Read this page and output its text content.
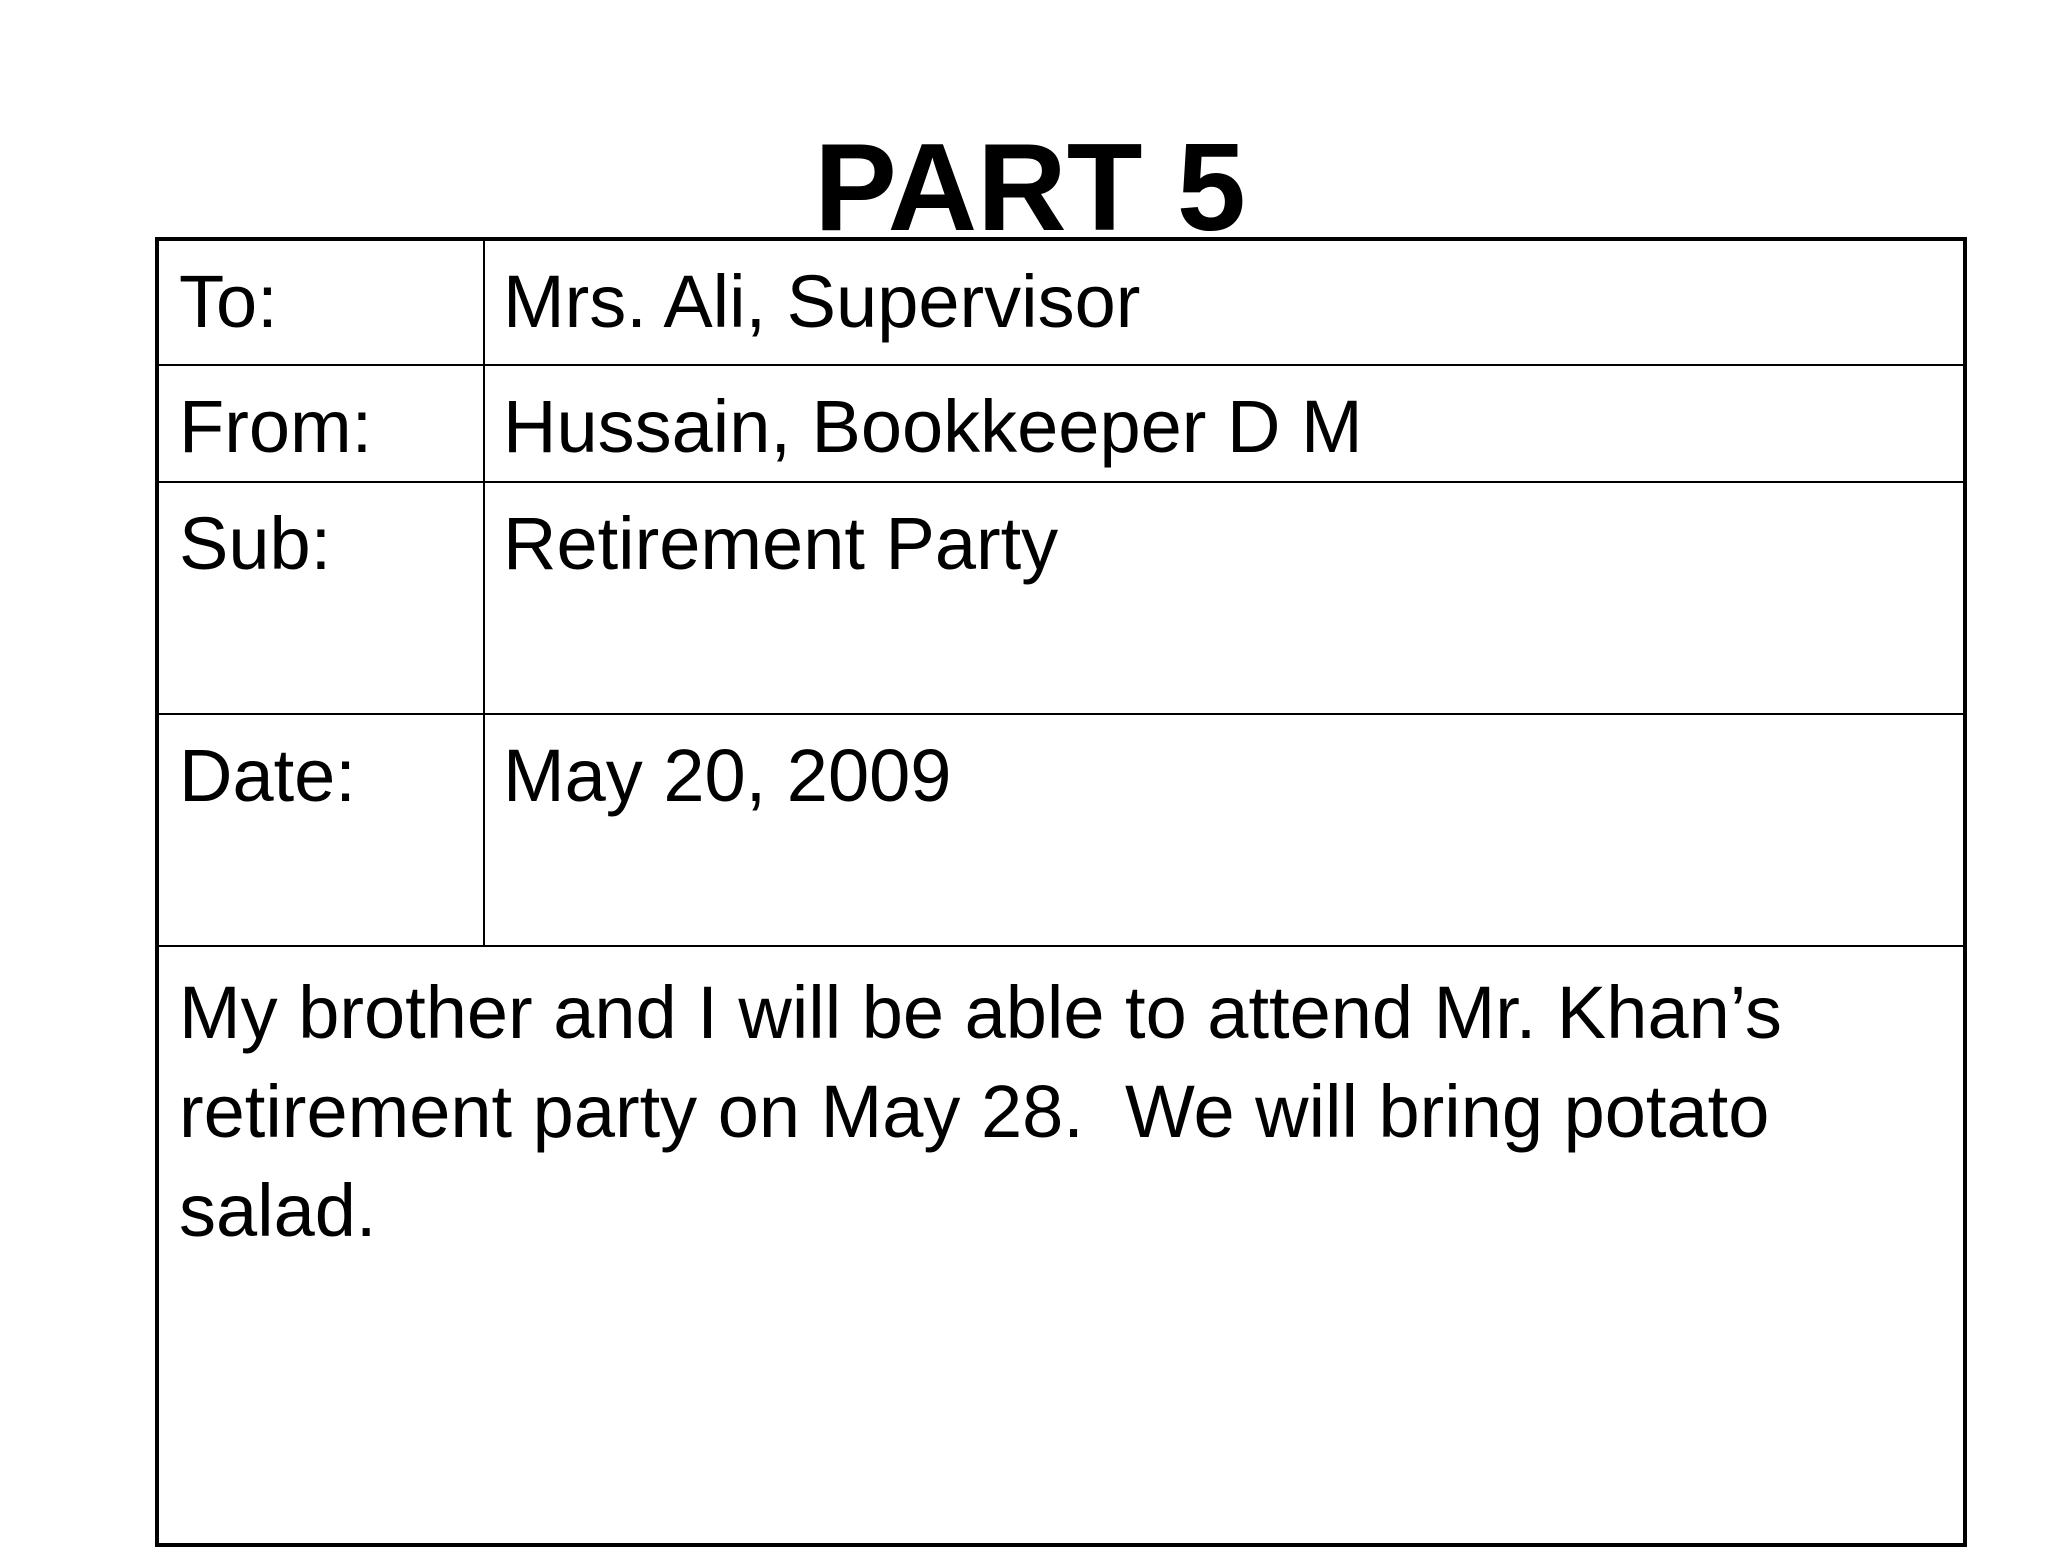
PART 5
To:	Mrs. Ali, Supervisor
From: Hussain, Bookkeeper D M
Sub: Retirement Party
Date: May 20, 2009
My brother and I will be able to attend Mr. Khan’s retirement party on May 28.  We will bring potato salad.
